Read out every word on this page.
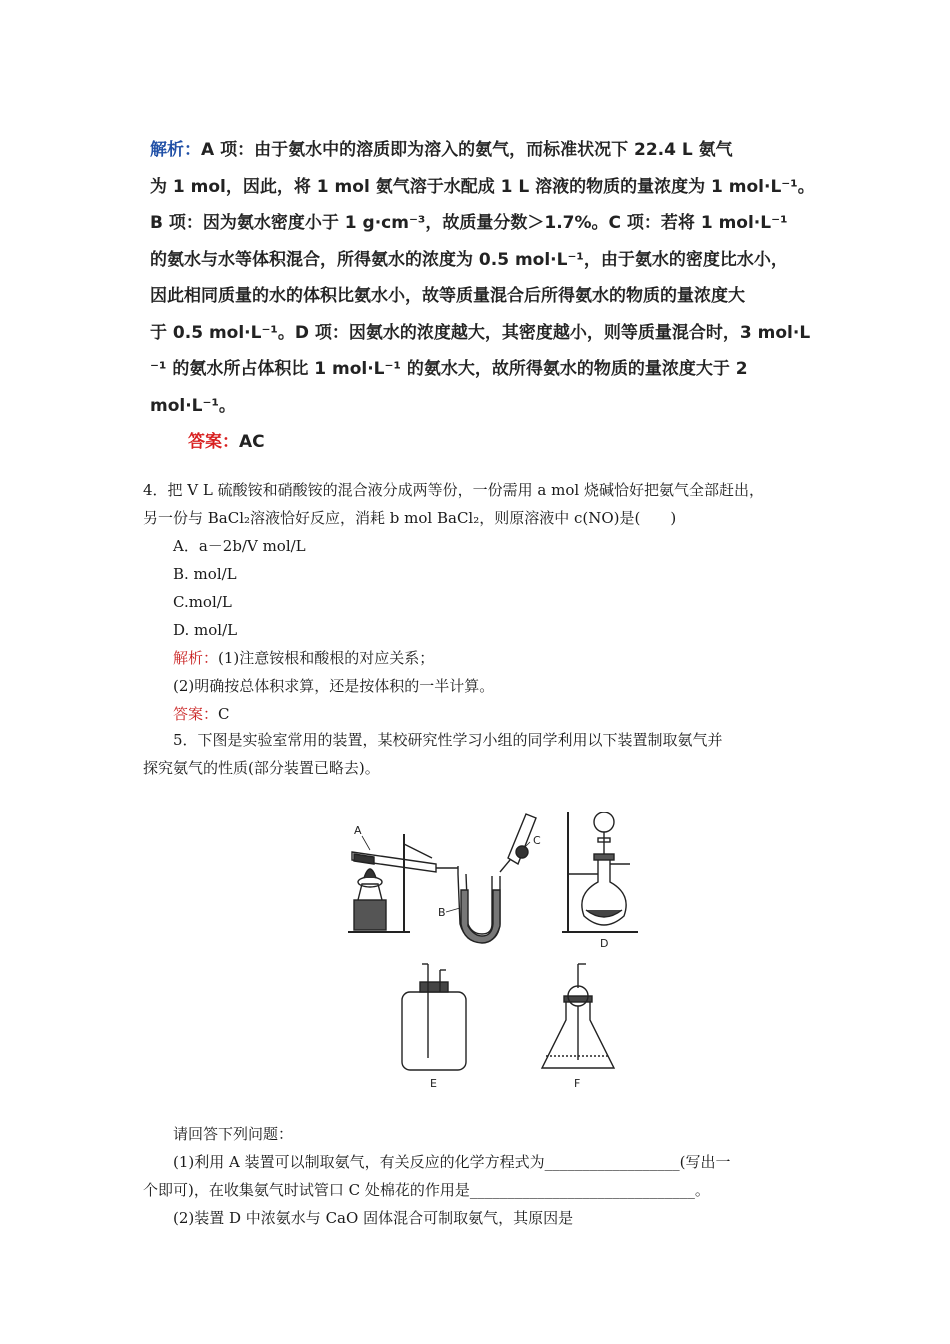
解析：A 项：由于氨水中的溶质即为溶入的氨气，而标准状况下 22.4 L 氨气

为 1 mol，因此，将 1 mol 氨气溶于水配成 1 L 溶液的物质的量浓度为 1 mol·L⁻¹。

B 项：因为氨水密度小于 1 g·cm⁻³，故质量分数＞1.7%。C 项：若将 1 mol·L⁻¹

的氨水与水等体积混合，所得氨水的浓度为 0.5 mol·L⁻¹，由于氨水的密度比水小，

因此相同质量的水的体积比氨水小，故等质量混合后所得氨水的物质的量浓度大

于 0.5 mol·L⁻¹。D 项：因氨水的浓度越大，其密度越小，则等质量混合时，3 mol·L

⁻¹ 的氨水所占体积比 1 mol·L⁻¹ 的氨水大，故所得氨水的物质的量浓度大于 2

mol·L⁻¹。

答案：AC

4．把 V L 硫酸铵和硝酸铵的混合液分成两等份，一份需用 a mol 烧碱恰好把氨气全部赶出，

另一份与 BaCl₂溶液恰好反应，消耗 b mol BaCl₂，则原溶液中 c(NO)是(　　)

A．a－2b/V mol/L

B. mol/L

C.mol/L

D. mol/L

解析：(1)注意铵根和酸根的对应关系；

(2)明确按总体积求算，还是按体积的一半计算。

答案：C

5．下图是实验室常用的装置，某校研究性学习小组的同学利用以下装置制取氨气并

探究氨气的性质(部分装置已略去)。

A
B
C
D
E	F

请回答下列问题：

(1)利用 A 装置可以制取氨气，有关反应的化学方程式为__________________(写出一

个即可)，在收集氨气时试管口 C 处棉花的作用是______________________________。

(2)装置 D 中浓氨水与 CaO 固体混合可制取氨气，其原因是
